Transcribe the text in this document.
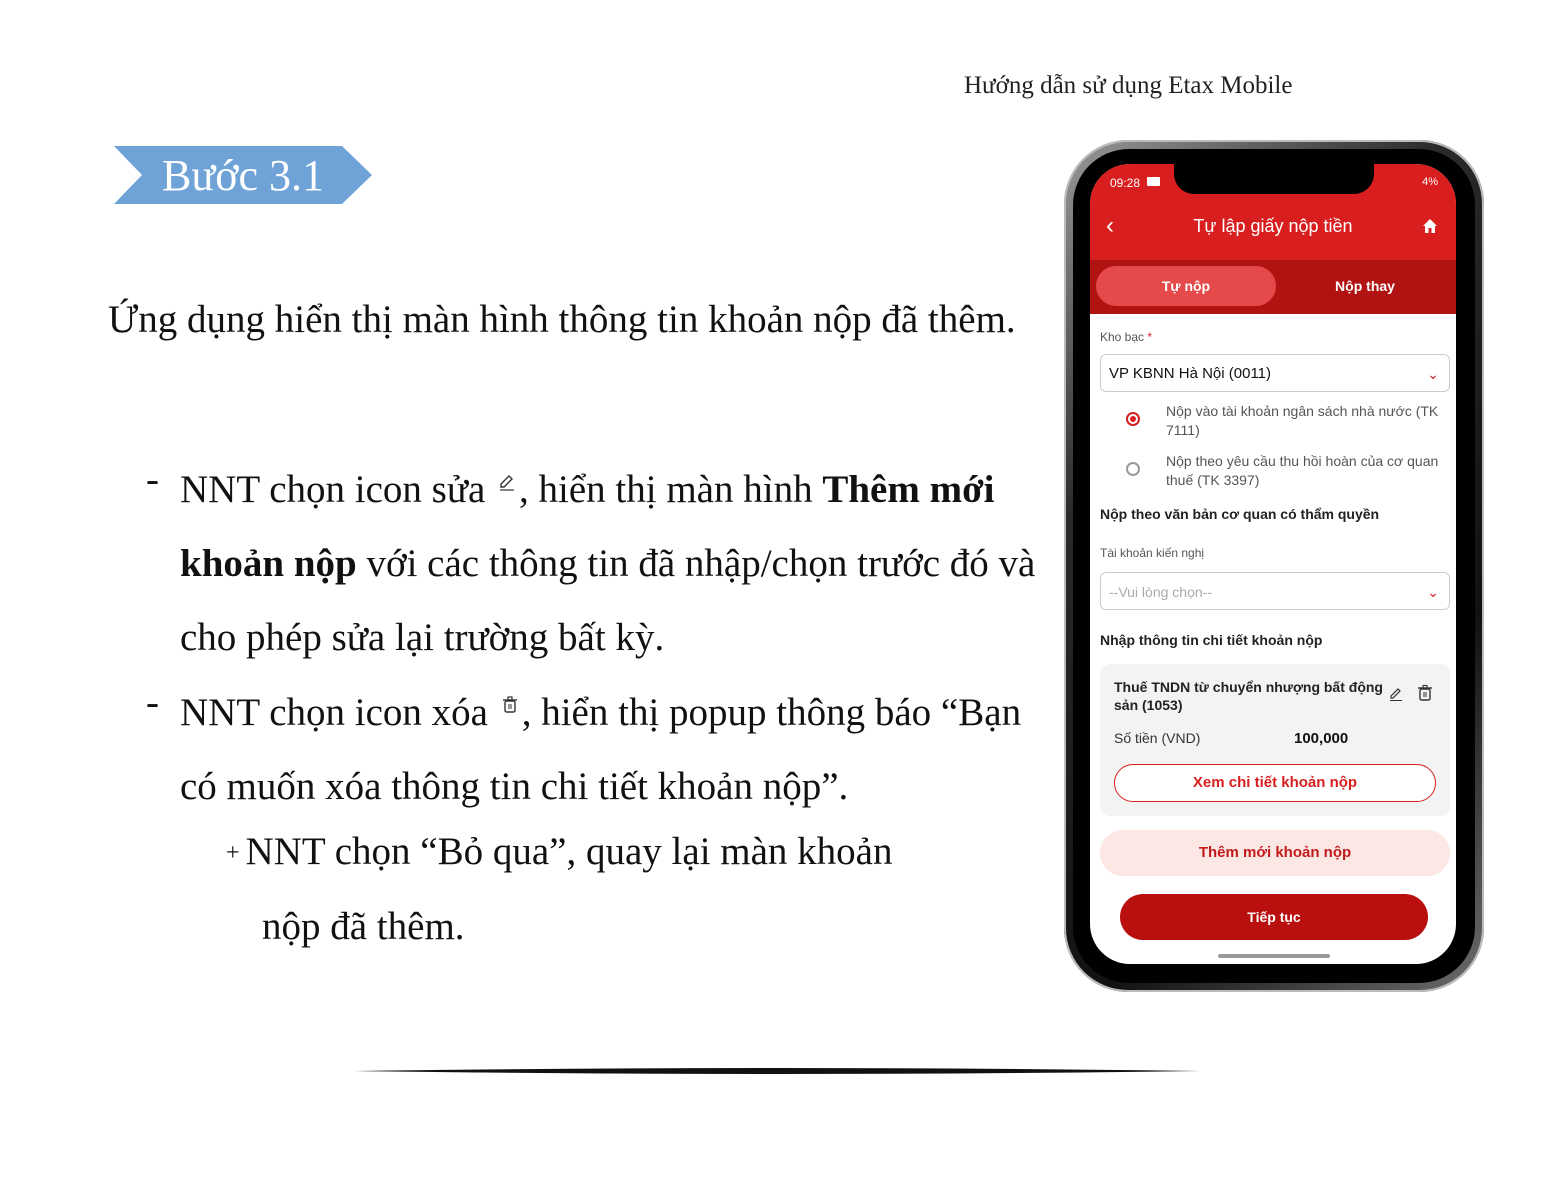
Hướng dẫn sử dụng Etax Mobile
Bước 3.1
Ứng dụng hiển thị màn hình thông tin khoản nộp đã thêm.
- NNT chọn icon sửa , hiển thị màn hình Thêm mới khoản nộp với các thông tin đã nhập/chọn trước đó và cho phép sửa lại trường bất kỳ.
- NNT chọn icon xóa , hiển thị popup thông báo “Bạn có muốn xóa thông tin chi tiết khoản nộp”.
+ NNT chọn “Bỏ qua”, quay lại màn khoản
nộp đã thêm.
09:28	4%
‹	Tự lập giấy nộp tiền
Tự nộp	Nộp thay
Kho bạc *
VP KBNN Hà Nội (0011)	⌄
Nộp vào tài khoản ngân sách nhà nước (TK 7111)
Nộp theo yêu cầu thu hồi hoàn của cơ quan thuế (TK 3397)
Nộp theo văn bản cơ quan có thẩm quyền
Tài khoản kiến nghị
--Vui lòng chọn--	⌄
Nhập thông tin chi tiết khoản nộp
Thuế TNDN từ chuyển nhượng bất động sản (1053)
Số tiền (VND)	100,000
Xem chi tiết khoản nộp
Thêm mới khoản nộp
Tiếp tục
